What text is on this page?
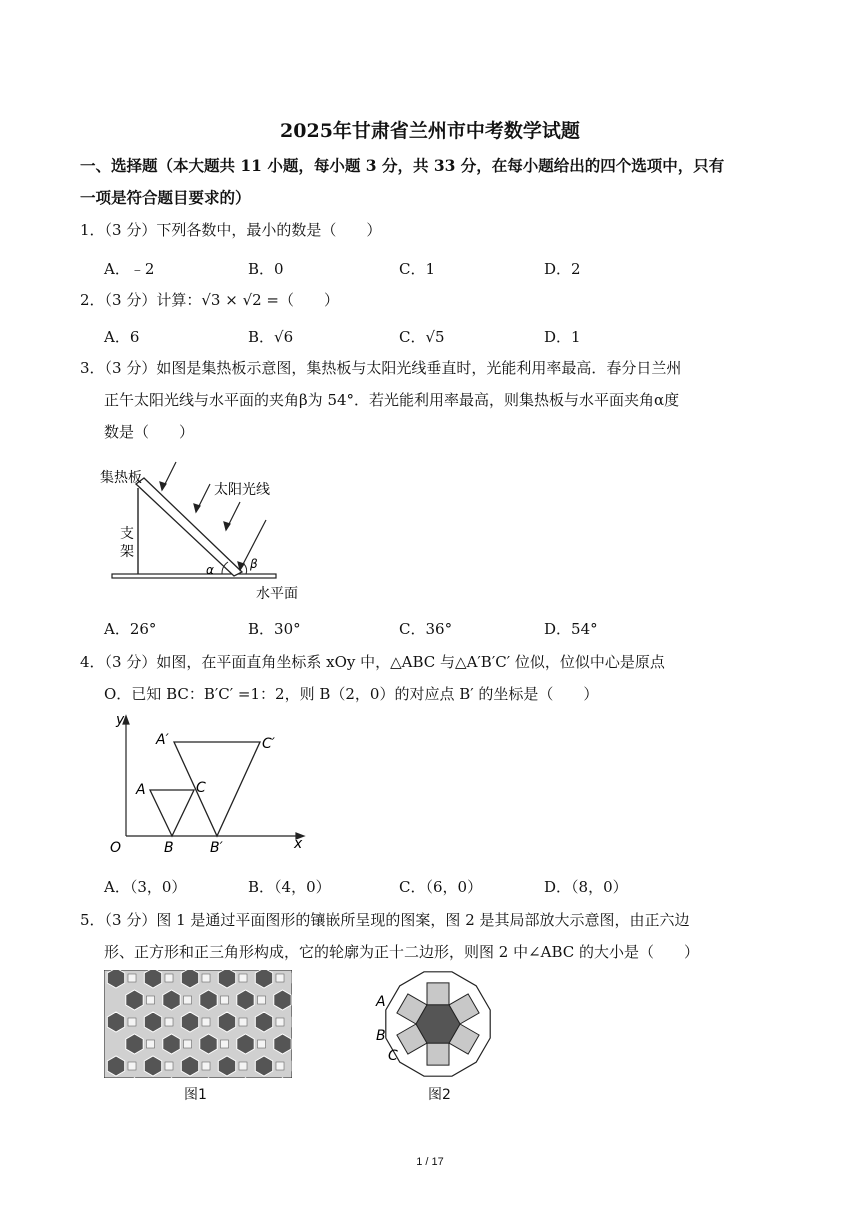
2025年甘肃省兰州市中考数学试题
一、选择题（本大题共 11 小题，每小题 3 分，共 33 分，在每小题给出的四个选项中，只有
一项是符合题目要求的）
1．（3 分）下列各数中，最小的数是（　　）
A．﹣2	B．0	C．1	D．2
2．（3 分）计算：√3 × √2 =（　　）
A．6	B．√6	C．√5	D．1
3．（3 分）如图是集热板示意图，集热板与太阳光线垂直时，光能利用率最高．春分日兰州
正午太阳光线与水平面的夹角β为 54°．若光能利用率最高，则集热板与水平面夹角α度
数是（　　）
集热板
太阳光线
支
架
α	β
水平面
A．26°	B．30°	C．36°	D．54°
4．（3 分）如图，在平面直角坐标系 xOy 中，△ABC 与△A′B′C′ 位似，位似中心是原点
O．已知 BC：B′C′ =1：2，则 B（2，0）的对应点 B′ 的坐标是（　　）
y
x
O
A	C
B
A′	C′
B′
A．（3，0）	B．（4，0）	C．（6，0）	D．（8，0）
5．（3 分）图 1 是通过平面图形的镶嵌所呈现的图案，图 2 是其局部放大示意图，由正六边
形、正方形和正三角形构成，它的轮廓为正十二边形，则图 2 中∠ABC 的大小是（　　）
图1
A
B
C
图2
1 / 17
